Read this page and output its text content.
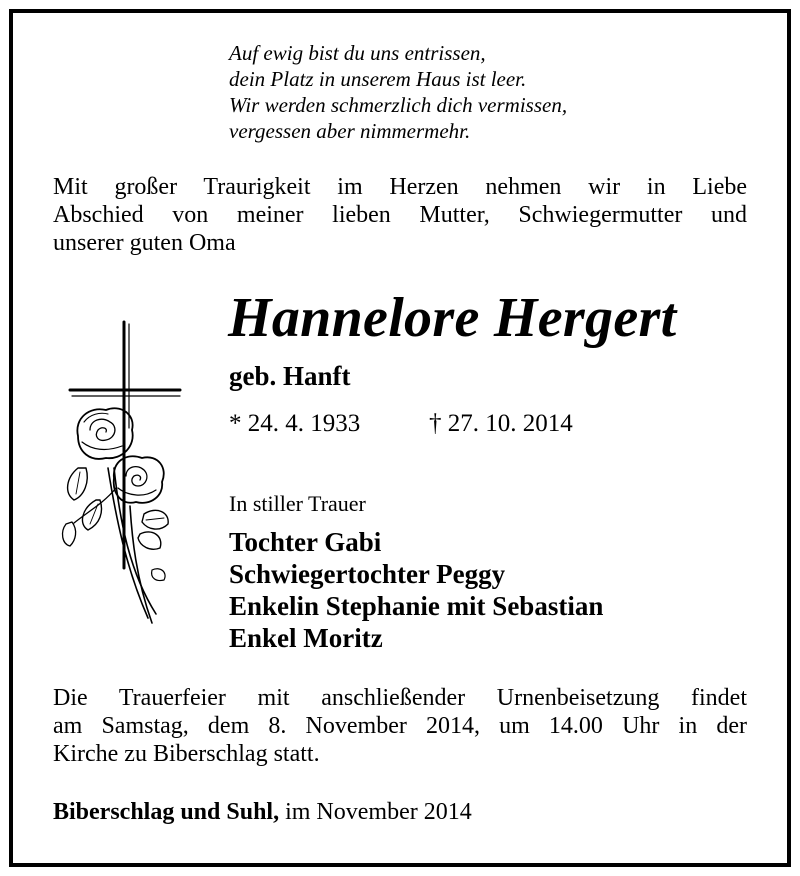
Auf ewig bist du uns entrissen,
dein Platz in unserem Haus ist leer.
Wir werden schmerzlich dich vermissen,
vergessen aber nimmermehr.
Mit großer Traurigkeit im Herzen nehmen wir in Liebe
Abschied von meiner lieben Mutter, Schwiegermutter und
unserer guten Oma
Hannelore Hergert
geb. Hanft
* 24. 4. 1933	† 27. 10. 2014
In stiller Trauer
Tochter Gabi
Schwiegertochter Peggy
Enkelin Stephanie mit Sebastian
Enkel Moritz
Die Trauerfeier mit anschließender Urnenbeisetzung findet
am Samstag, dem 8. November 2014, um 14.00 Uhr in der
Kirche zu Biberschlag statt.
Biberschlag und Suhl, im November 2014
